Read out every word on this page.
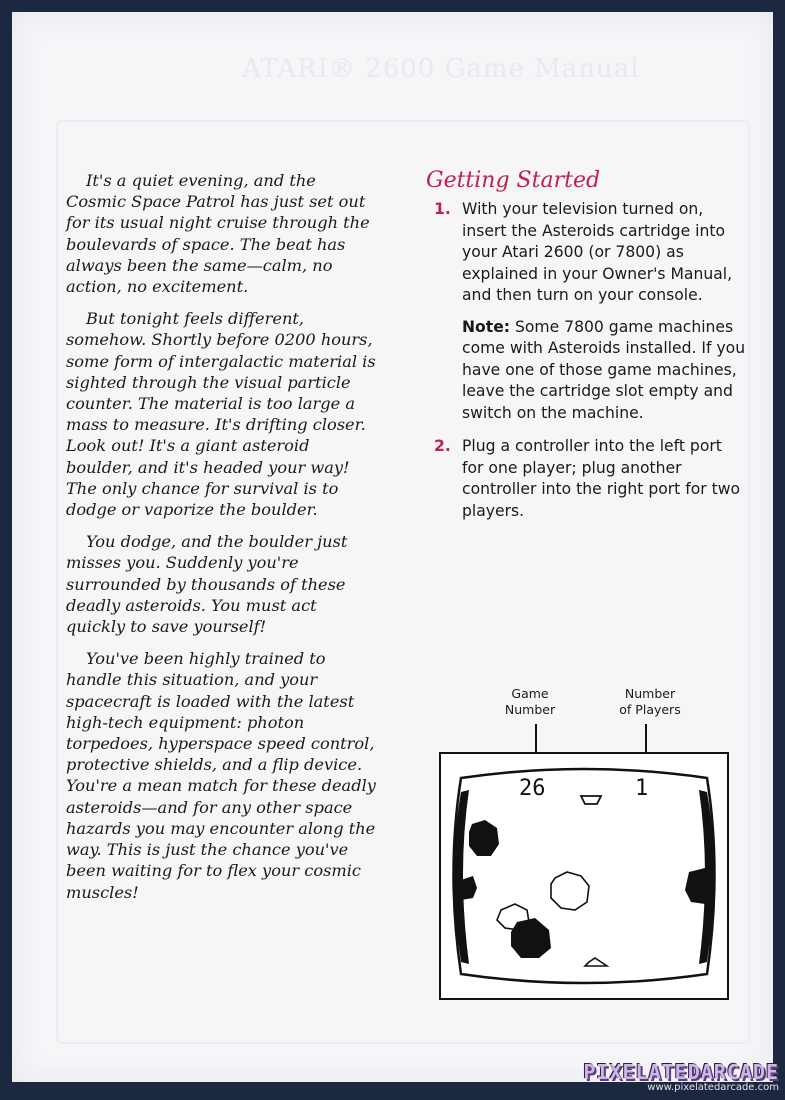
ATARI® 2600 Game Manual

It's a quiet evening, and the Cosmic Space Patrol has just set out for its usual night cruise through the boulevards of space. The beat has always been the same—calm, no action, no excitement.

But tonight feels different, somehow. Shortly before 0200 hours, some form of intergalactic material is sighted through the visual particle counter. The material is too large a mass to measure. It's drifting closer. Look out! It's a giant asteroid boulder, and it's headed your way! The only chance for survival is to dodge or vaporize the boulder.

You dodge, and the boulder just misses you. Suddenly you're surrounded by thousands of these deadly asteroids. You must act quickly to save yourself!

You've been highly trained to handle this situation, and your spacecraft is loaded with the latest high-tech equipment: photon torpedoes, hyperspace speed control, protective shields, and a flip device. You're a mean match for these deadly asteroids—and for any other space hazards you may encounter along the way. This is just the chance you've been waiting for to flex your cosmic muscles!

Getting Started
1. With your television turned on, insert the Asteroids cartridge into your Atari 2600 (or 7800) as explained in your Owner's Manual, and then turn on your console.
Note: Some 7800 game machines come with Asteroids installed. If you have one of those game machines, leave the cartridge slot empty and switch on the machine.
2. Plug a controller into the left port for one player; plug another controller into the right port for two players.
Game
Number
Number
of Players
26	1
PIXELATEDARCADE
www.pixelatedarcade.com
